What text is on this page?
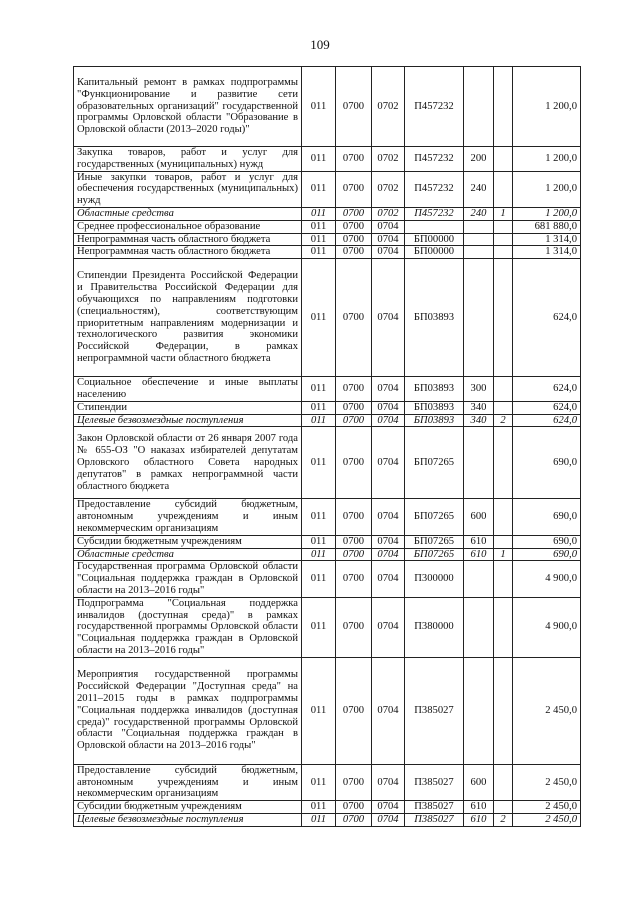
109
Капитальный ремонт в рамках подпрограммы "Функционирование и развитие сети образовательных организаций" государственной программы Орловской области "Образование в Орловской области (2013–2020 годы)"	011	0700	0702	П457232			1 200,0
Закупка товаров, работ и услуг для государственных (муниципальных) нужд	011	0700	0702	П457232	200		1 200,0
Иные закупки товаров, работ и услуг для обеспечения государственных (муниципальных) нужд	011	0700	0702	П457232	240		1 200,0
Областные средства	011	0700	0702	П457232	240	1	1 200,0
Среднее профессиональное образование	011	0700	0704				681 880,0
Непрограммная часть областного бюджета	011	0700	0704	БП00000			1 314,0
Непрограммная часть областного бюджета	011	0700	0704	БП00000			1 314,0
Стипендии Президента Российской Федерации и Правительства Российской Федерации для обучающихся по направлениям подготовки (специальностям), соответствующим приоритетным направлениям модернизации и технологического развития экономики Российской Федерации, в рамках непрограммной части областного бюджета	011	0700	0704	БП03893			624,0
Социальное обеспечение и иные выплаты населению	011	0700	0704	БП03893	300		624,0
Стипендии	011	0700	0704	БП03893	340		624,0
Целевые безвозмездные поступления	011	0700	0704	БП03893	340	2	624,0
Закон Орловской области от 26 января 2007 года № 655-ОЗ "О наказах избирателей депутатам Орловского областного Совета народных депутатов" в рамках непрограммной части областного бюджета	011	0700	0704	БП07265			690,0
Предоставление субсидий бюджетным, автономным учреждениям и иным некоммерческим организациям	011	0700	0704	БП07265	600		690,0
Субсидии бюджетным учреждениям	011	0700	0704	БП07265	610		690,0
Областные средства	011	0700	0704	БП07265	610	1	690,0
Государственная программа Орловской области "Социальная поддержка граждан в Орловской области на 2013–2016 годы"	011	0700	0704	П300000			4 900,0
Подпрограмма "Социальная поддержка инвалидов (доступная среда)" в рамках государственной программы Орловской области "Социальная поддержка граждан в Орловской области на 2013–2016 годы"	011	0700	0704	П380000			4 900,0
Мероприятия государственной программы Российской Федерации "Доступная среда" на 2011–2015 годы в рамках подпрограммы "Социальная поддержка инвалидов (доступная среда)" государственной программы Орловской области "Социальная поддержка граждан в Орловской области на 2013–2016 годы"	011	0700	0704	П385027			2 450,0
Предоставление субсидий бюджетным, автономным учреждениям и иным некоммерческим организациям	011	0700	0704	П385027	600		2 450,0
Субсидии бюджетным учреждениям	011	0700	0704	П385027	610		2 450,0
Целевые безвозмездные поступления	011	0700	0704	П385027	610	2	2 450,0
